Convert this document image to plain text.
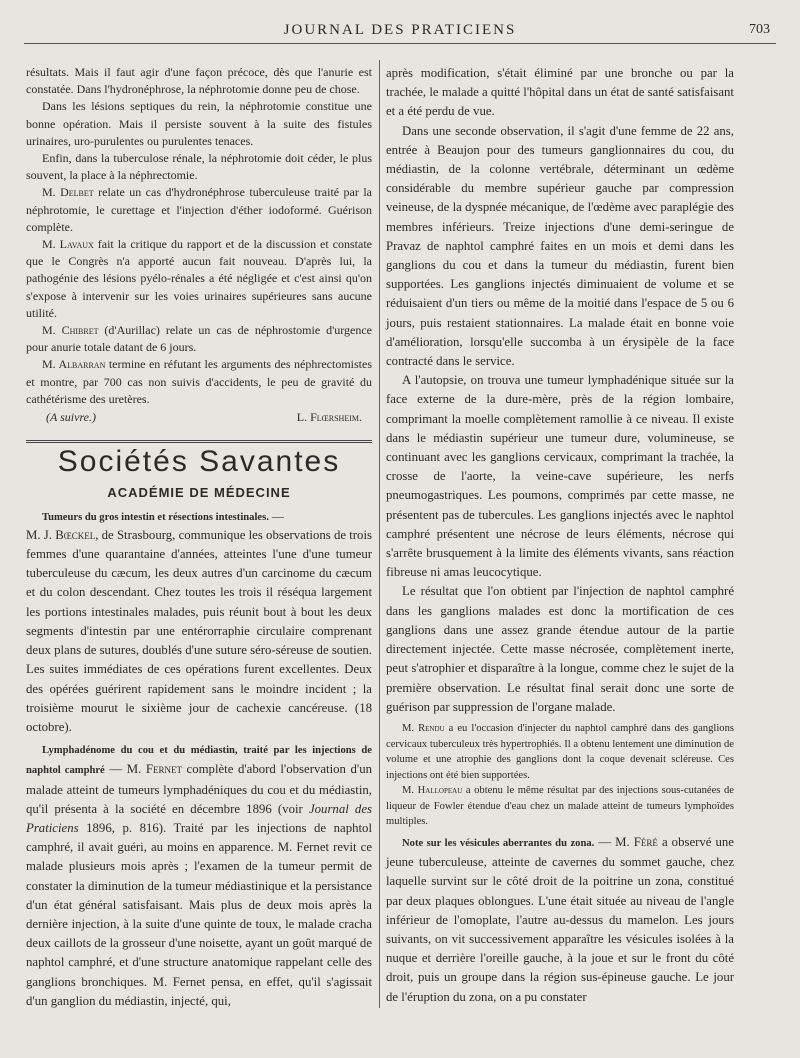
JOURNAL DES PRATICIENS	703

résultats. Mais il faut agir d'une façon précoce, dès que l'anurie est constatée. Dans l'hydronéphrose, la néphrotomie donne peu de chose.

Dans les lésions septiques du rein, la néphrotomie constitue une bonne opération. Mais il persiste souvent à la suite des fistules urinaires, uro-purulentes ou purulentes tenaces.

Enfin, dans la tuberculose rénale, la néphrotomie doit céder, le plus souvent, la place à la néphrectomie.

M. Delbet relate un cas d'hydronéphrose tuberculeuse traité par la néphrotomie, le curettage et l'injection d'éther iodoformé. Guérison complète.

M. Lavaux fait la critique du rapport et de la discussion et constate que le Congrès n'a apporté aucun fait nouveau. D'après lui, la pathogénie des lésions pyélo-rénales a été négligée et c'est ainsi qu'on s'expose à intervenir sur les voies urinaires supérieures sans aucune utilité.

M. Chibret (d'Aurillac) relate un cas de néphrostomie d'urgence pour anurie totale datant de 6 jours.

M. Albarran termine en réfutant les arguments des néphrectomistes et montre, par 700 cas non suivis d'accidents, le peu de gravité du cathétérisme des uretères.

(A suivre.)	L. Flœrsheim.
Sociétés Savantes
ACADÉMIE DE MÉDECINE

Tumeurs du gros intestin et résections intestinales. —

M. J. Bœckel, de Strasbourg, communique les observations de trois femmes d'une quarantaine d'années, atteintes l'une d'une tumeur tuberculeuse du cæcum, les deux autres d'un carcinome du cæcum et du colon descendant. Chez toutes les trois il réséqua largement les portions intestinales malades, puis réunit bout à bout les deux segments d'intestin par une entérorraphie circulaire comprenant deux plans de sutures, doublés d'une suture séro-séreuse de soutien. Les suites immédiates de ces opérations furent excellentes. Deux des opérées guérirent rapidement sans le moindre incident ; la troisième mourut le sixième jour de cachexie cancéreuse. (18 octobre).

Lymphadénome du cou et du médiastin, traité par les injections de naphtol camphré — M. Fernet complète d'abord l'observation d'un malade atteint de tumeurs lymphadéniques du cou et du médiastin, qu'il présenta à la société en décembre 1896 (voir Journal des Praticiens 1896, p. 816). Traité par les injections de naphtol camphré, il avait guéri, au moins en apparence. M. Fernet revit ce malade plusieurs mois après ; l'examen de la tumeur permit de constater la diminution de la tumeur médiastinique et la persistance d'un état général satisfaisant. Mais plus de deux mois après la dernière injection, à la suite d'une quinte de toux, le malade cracha deux caillots de la grosseur d'une noisette, ayant un goût marqué de naphtol camphré, et d'une structure anatomique rappelant celle des ganglions bronchiques. M. Fernet pensa, en effet, qu'il s'agissait d'un ganglion du médiastin, injecté, qui,

après modification, s'était éliminé par une bronche ou par la trachée, le malade a quitté l'hôpital dans un état de santé satisfaisant et a été perdu de vue.

Dans une seconde observation, il s'agit d'une femme de 22 ans, entrée à Beaujon pour des tumeurs ganglionnaires du cou, du médiastin, de la colonne vertébrale, déterminant un œdème considérable du membre supérieur gauche par compression veineuse, de la dyspnée mécanique, de l'œdème avec paraplégie des membres inférieurs. Treize injections d'une demi-seringue de Pravaz de naphtol camphré faites en un mois et demi dans les ganglions du cou et dans la tumeur du médiastin, furent bien supportées. Les ganglions injectés diminuaient de volume et se réduisaient d'un tiers ou même de la moitié dans l'espace de 5 ou 6 jours, puis restaient stationnaires. La malade était en bonne voie d'amélioration, lorsqu'elle succomba à un érysipèle de la face contracté dans le service.

A l'autopsie, on trouva une tumeur lymphadénique située sur la face externe de la dure-mère, près de la région lombaire, comprimant la moelle complètement ramollie à ce niveau. Il existe dans le médiastin supérieur une tumeur dure, volumineuse, se continuant avec les ganglions cervicaux, comprimant la trachée, la crosse de l'aorte, la veine-cave supérieure, les nerfs pneumogastriques. Les poumons, comprimés par cette masse, ne présentent pas de tubercules. Les ganglions injectés avec le naphtol camphré présentent une nécrose de leurs éléments, nécrose qui s'arrête brusquement à la limite des éléments vivants, sans réaction fibreuse ni amas leucocytique.

Le résultat que l'on obtient par l'injection de naphtol camphré dans les ganglions malades est donc la mortification de ces ganglions dans une assez grande étendue autour de la partie directement injectée. Cette masse nécrosée, complètement inerte, peut s'atrophier et disparaître à la longue, comme chez le sujet de la première observation. Le résultat final serait donc une sorte de guérison par suppression de l'organe malade.

M. Rendu a eu l'occasion d'injecter du naphtol camphré dans des ganglions cervicaux tuberculeux très hypertrophiés. Il a obtenu lentement une diminution de volume et une atrophie des ganglions dont la coque devenait scléreuse. Ces injections ont été bien supportées.

M. Hallopeau a obtenu le même résultat par des injections sous-cutanées de liqueur de Fowler étendue d'eau chez un malade atteint de tumeurs lymphoïdes multiples.

Note sur les vésicules aberrantes du zona. — M. Féré a observé une jeune tuberculeuse, atteinte de cavernes du sommet gauche, chez laquelle survint sur le côté droit de la poitrine un zona, constitué par deux plaques oblongues. L'une était située au niveau de l'angle inférieur de l'omoplate, l'autre au-dessus du mamelon. Les jours suivants, on vit successivement apparaître les vésicules isolées à la nuque et derrière l'oreille gauche, à la joue et sur le front du côté droit, puis un groupe dans la région sus-épineuse gauche. Le jour de l'éruption du zona, on a pu constater
